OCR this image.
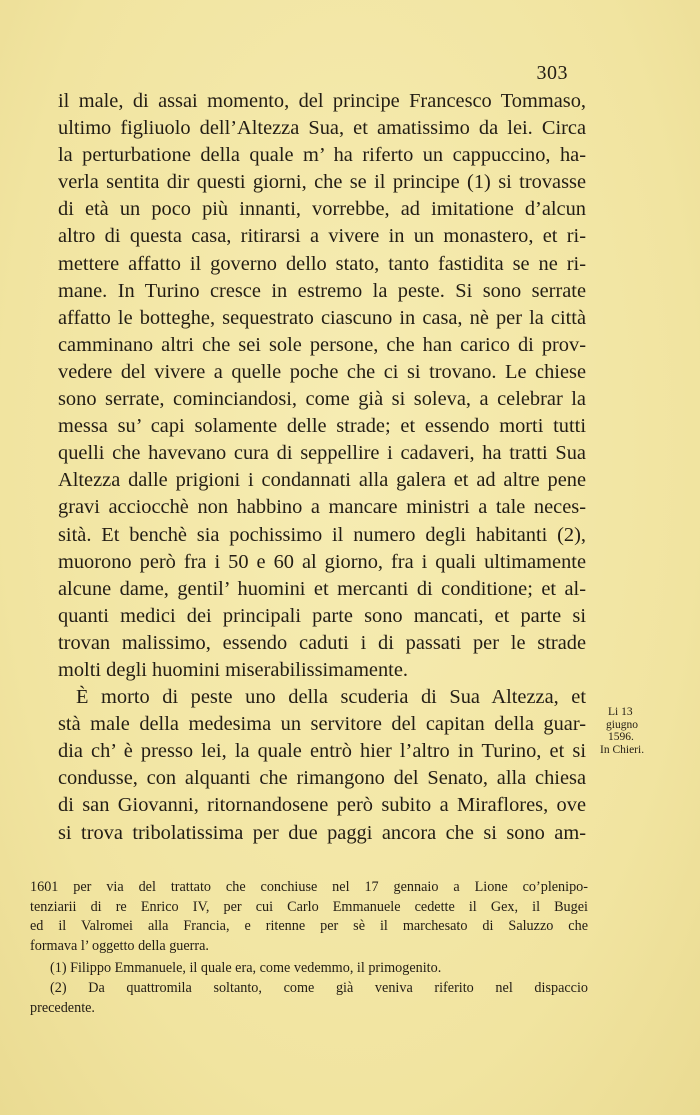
303
il male, di assai momento, del principe Francesco Tommaso,
ultimo figliuolo dell’Altezza Sua, et amatissimo da lei. Circa
la perturbatione della quale m’ ha riferto un cappuccino, ha-
verla sentita dir questi giorni, che se il principe (1) si trovasse
di età un poco più innanti, vorrebbe, ad imitatione d’alcun
altro di questa casa, ritirarsi a vivere in un monastero, et ri-
mettere affatto il governo dello stato, tanto fastidita se ne ri-
mane. In Turino cresce in estremo la peste. Si sono serrate
affatto le botteghe, sequestrato ciascuno in casa, nè per la città
camminano altri che sei sole persone, che han carico di prov-
vedere del vivere a quelle poche che ci si trovano. Le chiese
sono serrate, cominciandosi, come già si soleva, a celebrar la
messa su’ capi solamente delle strade; et essendo morti tutti
quelli che havevano cura di seppellire i cadaveri, ha tratti Sua
Altezza dalle prigioni i condannati alla galera et ad altre pene
gravi acciocchè non habbino a mancare ministri a tale neces-
sità. Et benchè sia pochissimo il numero degli habitanti (2),
muorono però fra i 50 e 60 al giorno, fra i quali ultimamente
alcune dame, gentil’ huomini et mercanti di conditione; et al-
quanti medici dei principali parte sono mancati, et parte si
trovan malissimo, essendo caduti i di passati per le strade
molti degli huomini miserabilissimamente.
È morto di peste uno della scuderia di Sua Altezza, et
stà male della medesima un servitore del capitan della guar-
dia ch’ è presso lei, la quale entrò hier l’altro in Turino, et si
condusse, con alquanti che rimangono del Senato, alla chiesa
di san Giovanni, ritornandosene però subito a Miraflores, ove
si trova tribolatissima per due paggi ancora che si sono am-
Li 13
giugno
1596.
In Chieri.
1601 per via del trattato che conchiuse nel 17 gennaio a Lione co’plenipo-
tenziarii di re Enrico IV, per cui Carlo Emmanuele cedette il Gex, il Bugei
ed il Valromei alla Francia, e ritenne per sè il marchesato di Saluzzo che
formava l’ oggetto della guerra.
(1) Filippo Emmanuele, il quale era, come vedemmo, il primogenito.
(2) Da quattromila soltanto, come già veniva riferito nel dispaccio
precedente.
